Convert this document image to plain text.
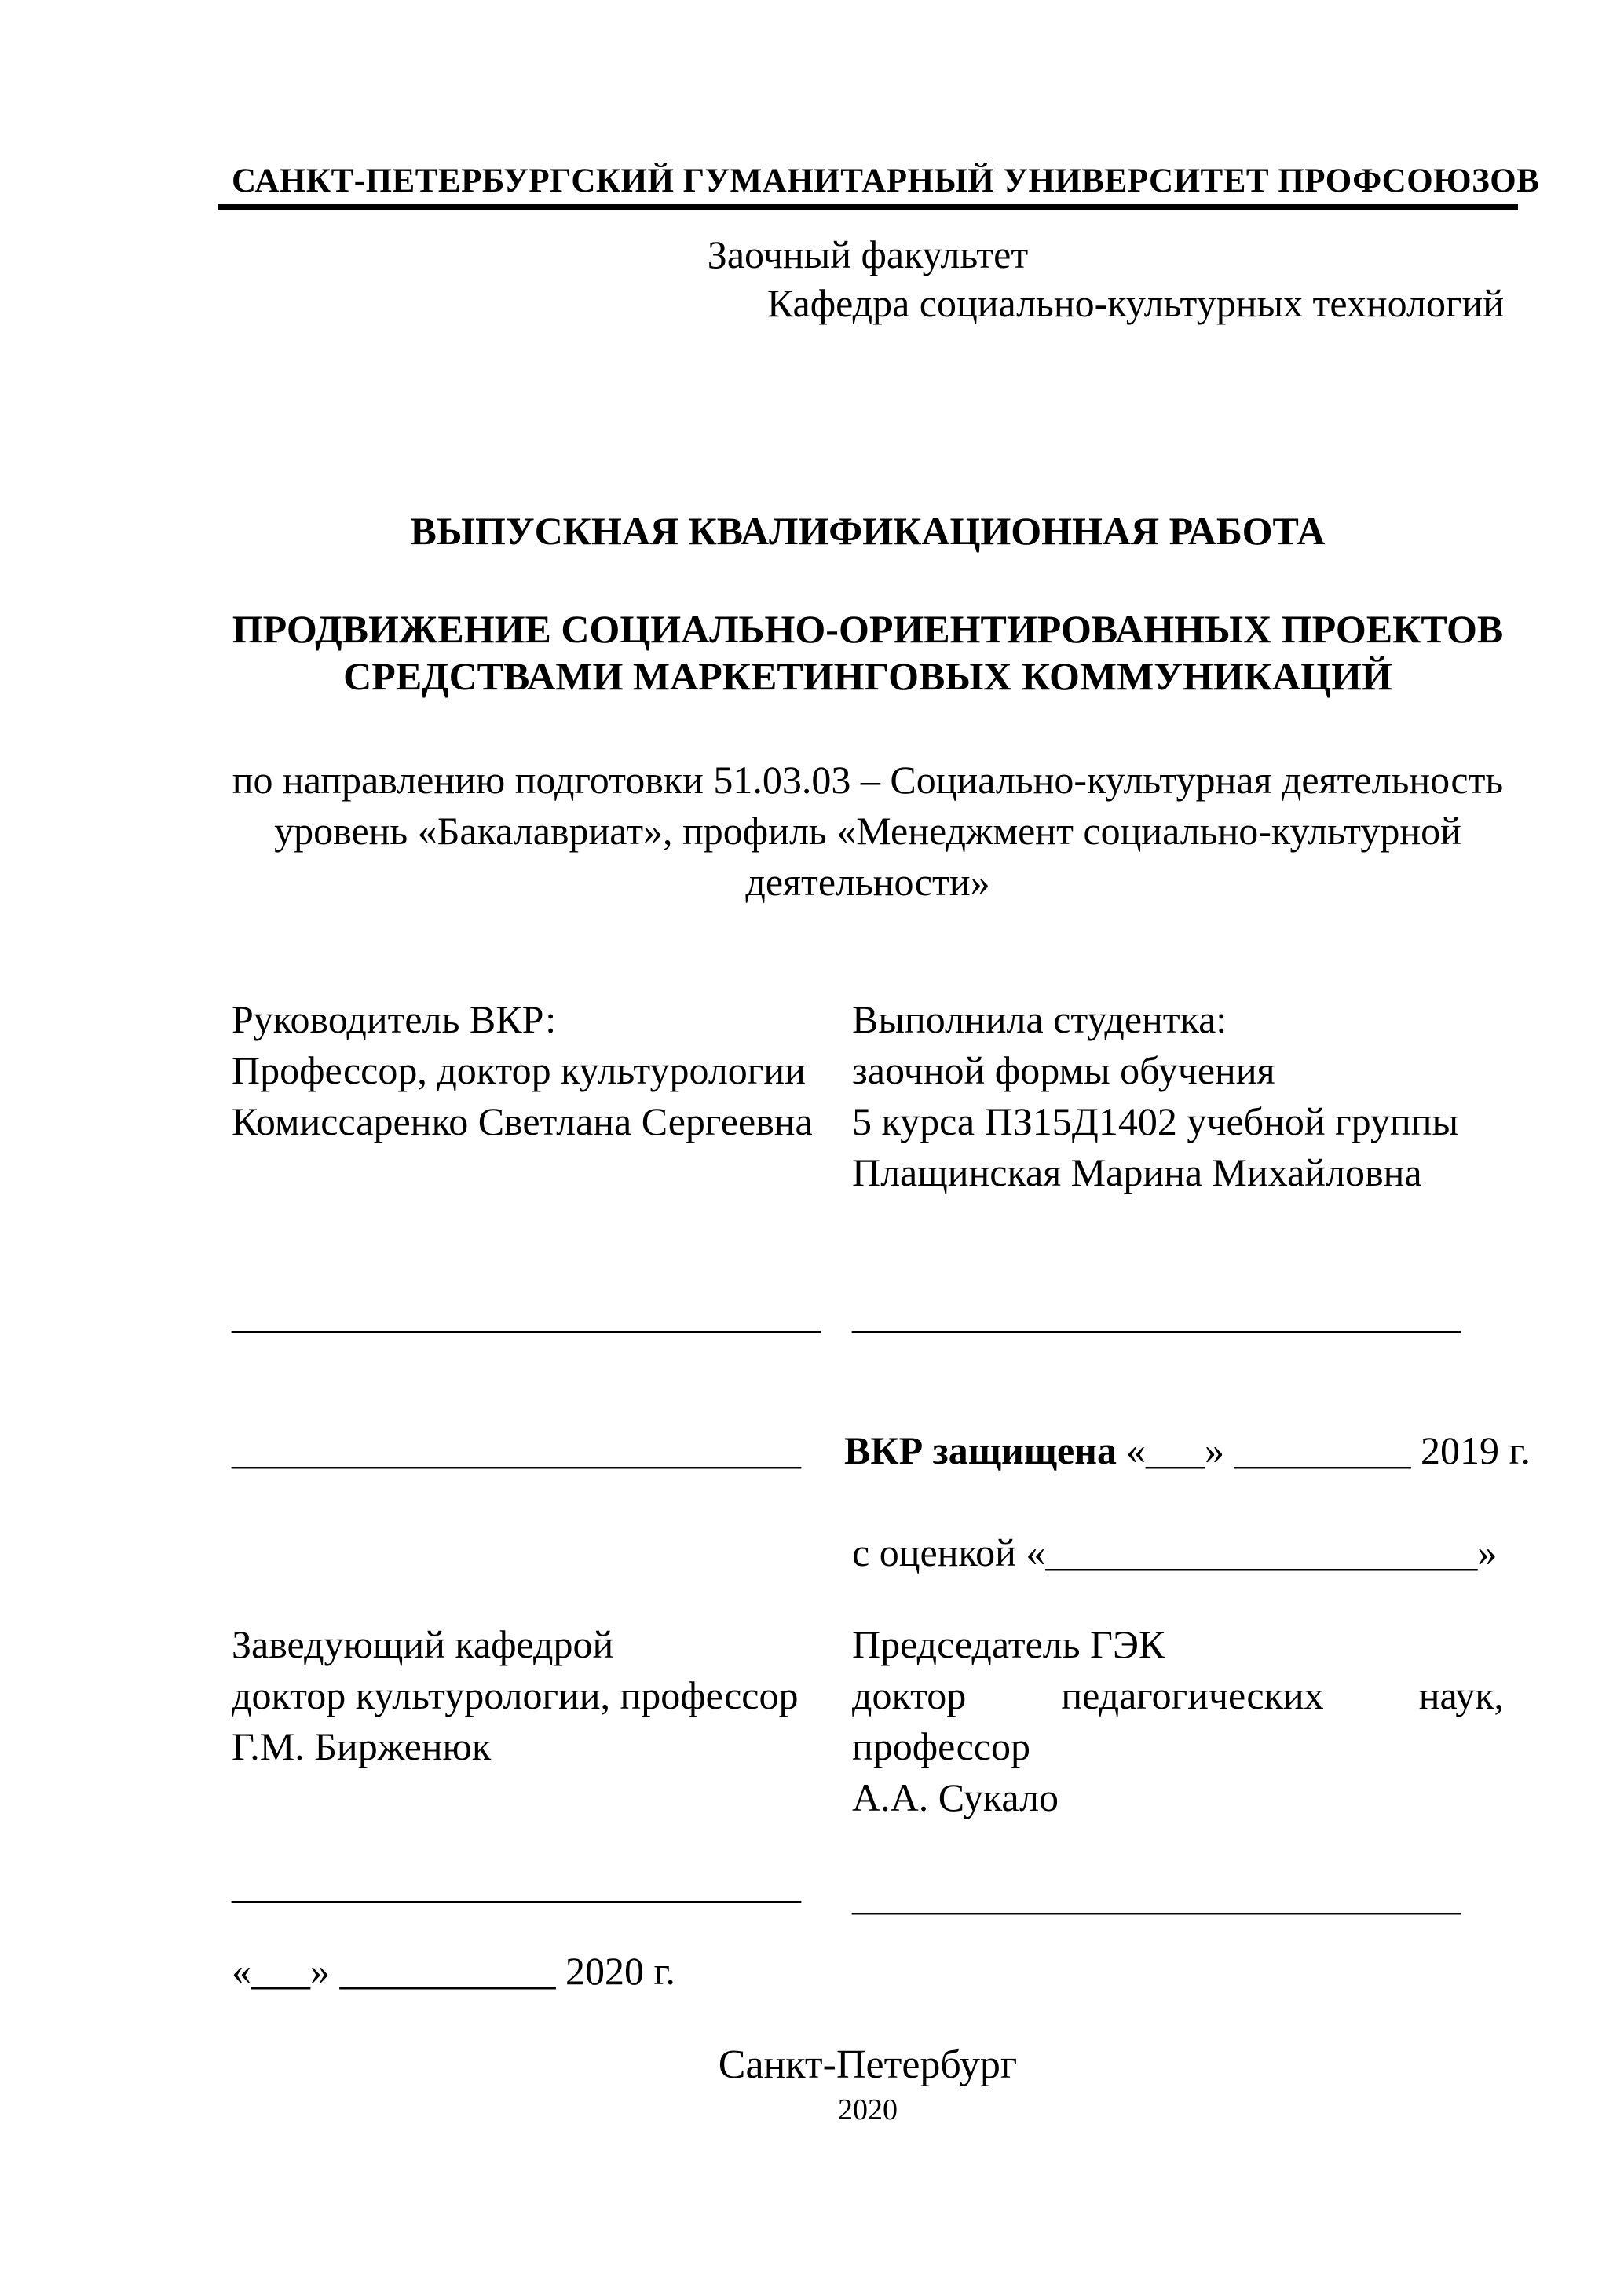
САНКТ-ПЕТЕРБУРГСКИЙ ГУМАНИТАРНЫЙ УНИВЕРСИТЕТ ПРОФСОЮЗОВ
Заочный факультет
Кафедра социально-культурных технологий
ВЫПУСКНАЯ КВАЛИФИКАЦИОННАЯ РАБОТА
ПРОДВИЖЕНИЕ СОЦИАЛЬНО-ОРИЕНТИРОВАННЫХ ПРОЕКТОВ
СРЕДСТВАМИ МАРКЕТИНГОВЫХ КОММУНИКАЦИЙ
по направлению подготовки 51.03.03 – Социально-культурная деятельность
уровень «Бакалавриат», профиль «Менеджмент социально-культурной
деятельности»
Руководитель ВКР:
Профессор, доктор культурологии
Комиссаренко Светлана Сергеевна
Выполнила студентка:
заочной формы обучения
5 курса ПЗ15Д1402 учебной группы
Плащинская Марина Михайловна
______________________________ _______________________________
_____________________________ ВКР защищена «___» _________ 2019 г.
с оценкой «______________________»
Заведующий кафедрой
доктор культурологии, профессор
Г.М. Бирженюк
Председатель ГЭК
доктор педагогических наук,
профессор
А.А. Сукало
_____________________________ _______________________________
«___» ___________ 2020 г.
Санкт-Петербург
2020
